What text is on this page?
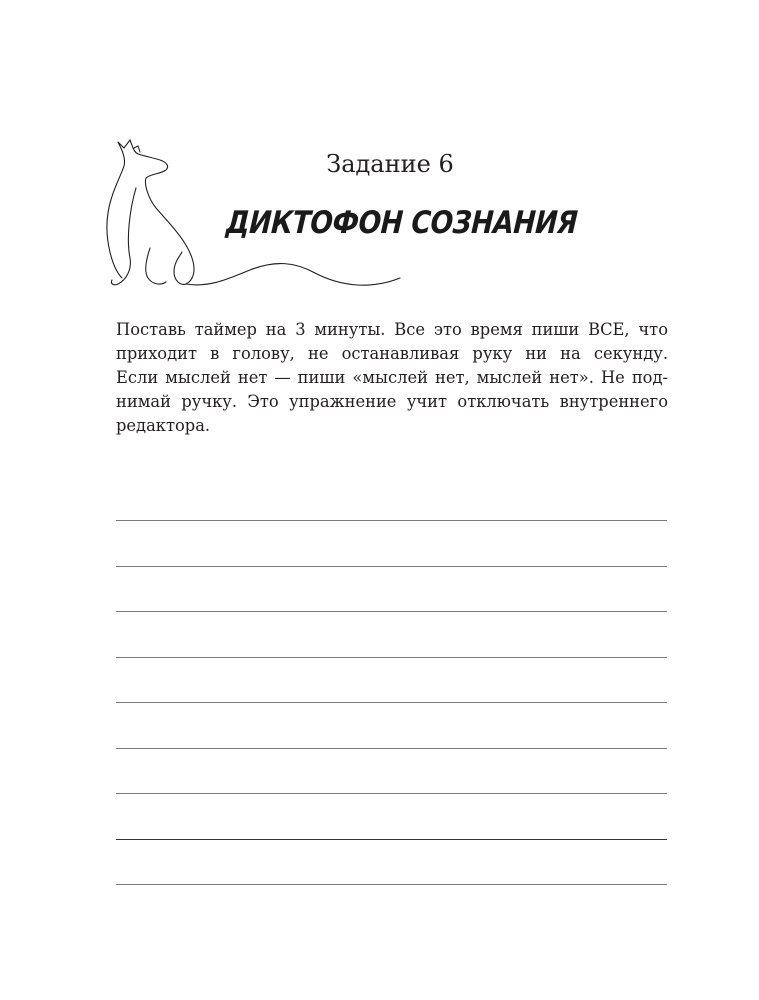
Задание 6
ДИКТОФОН СОЗНАНИЯ
Поставь таймер на 3 минуты. Все это время пиши ВСЕ, что
приходит в голову, не останавливая руку ни на секунду.
Если мыслей нет — пиши «мыслей нет, мыслей нет». Не под-
нимай ручку. Это упражнение учит отключать внутреннего
редактора.
